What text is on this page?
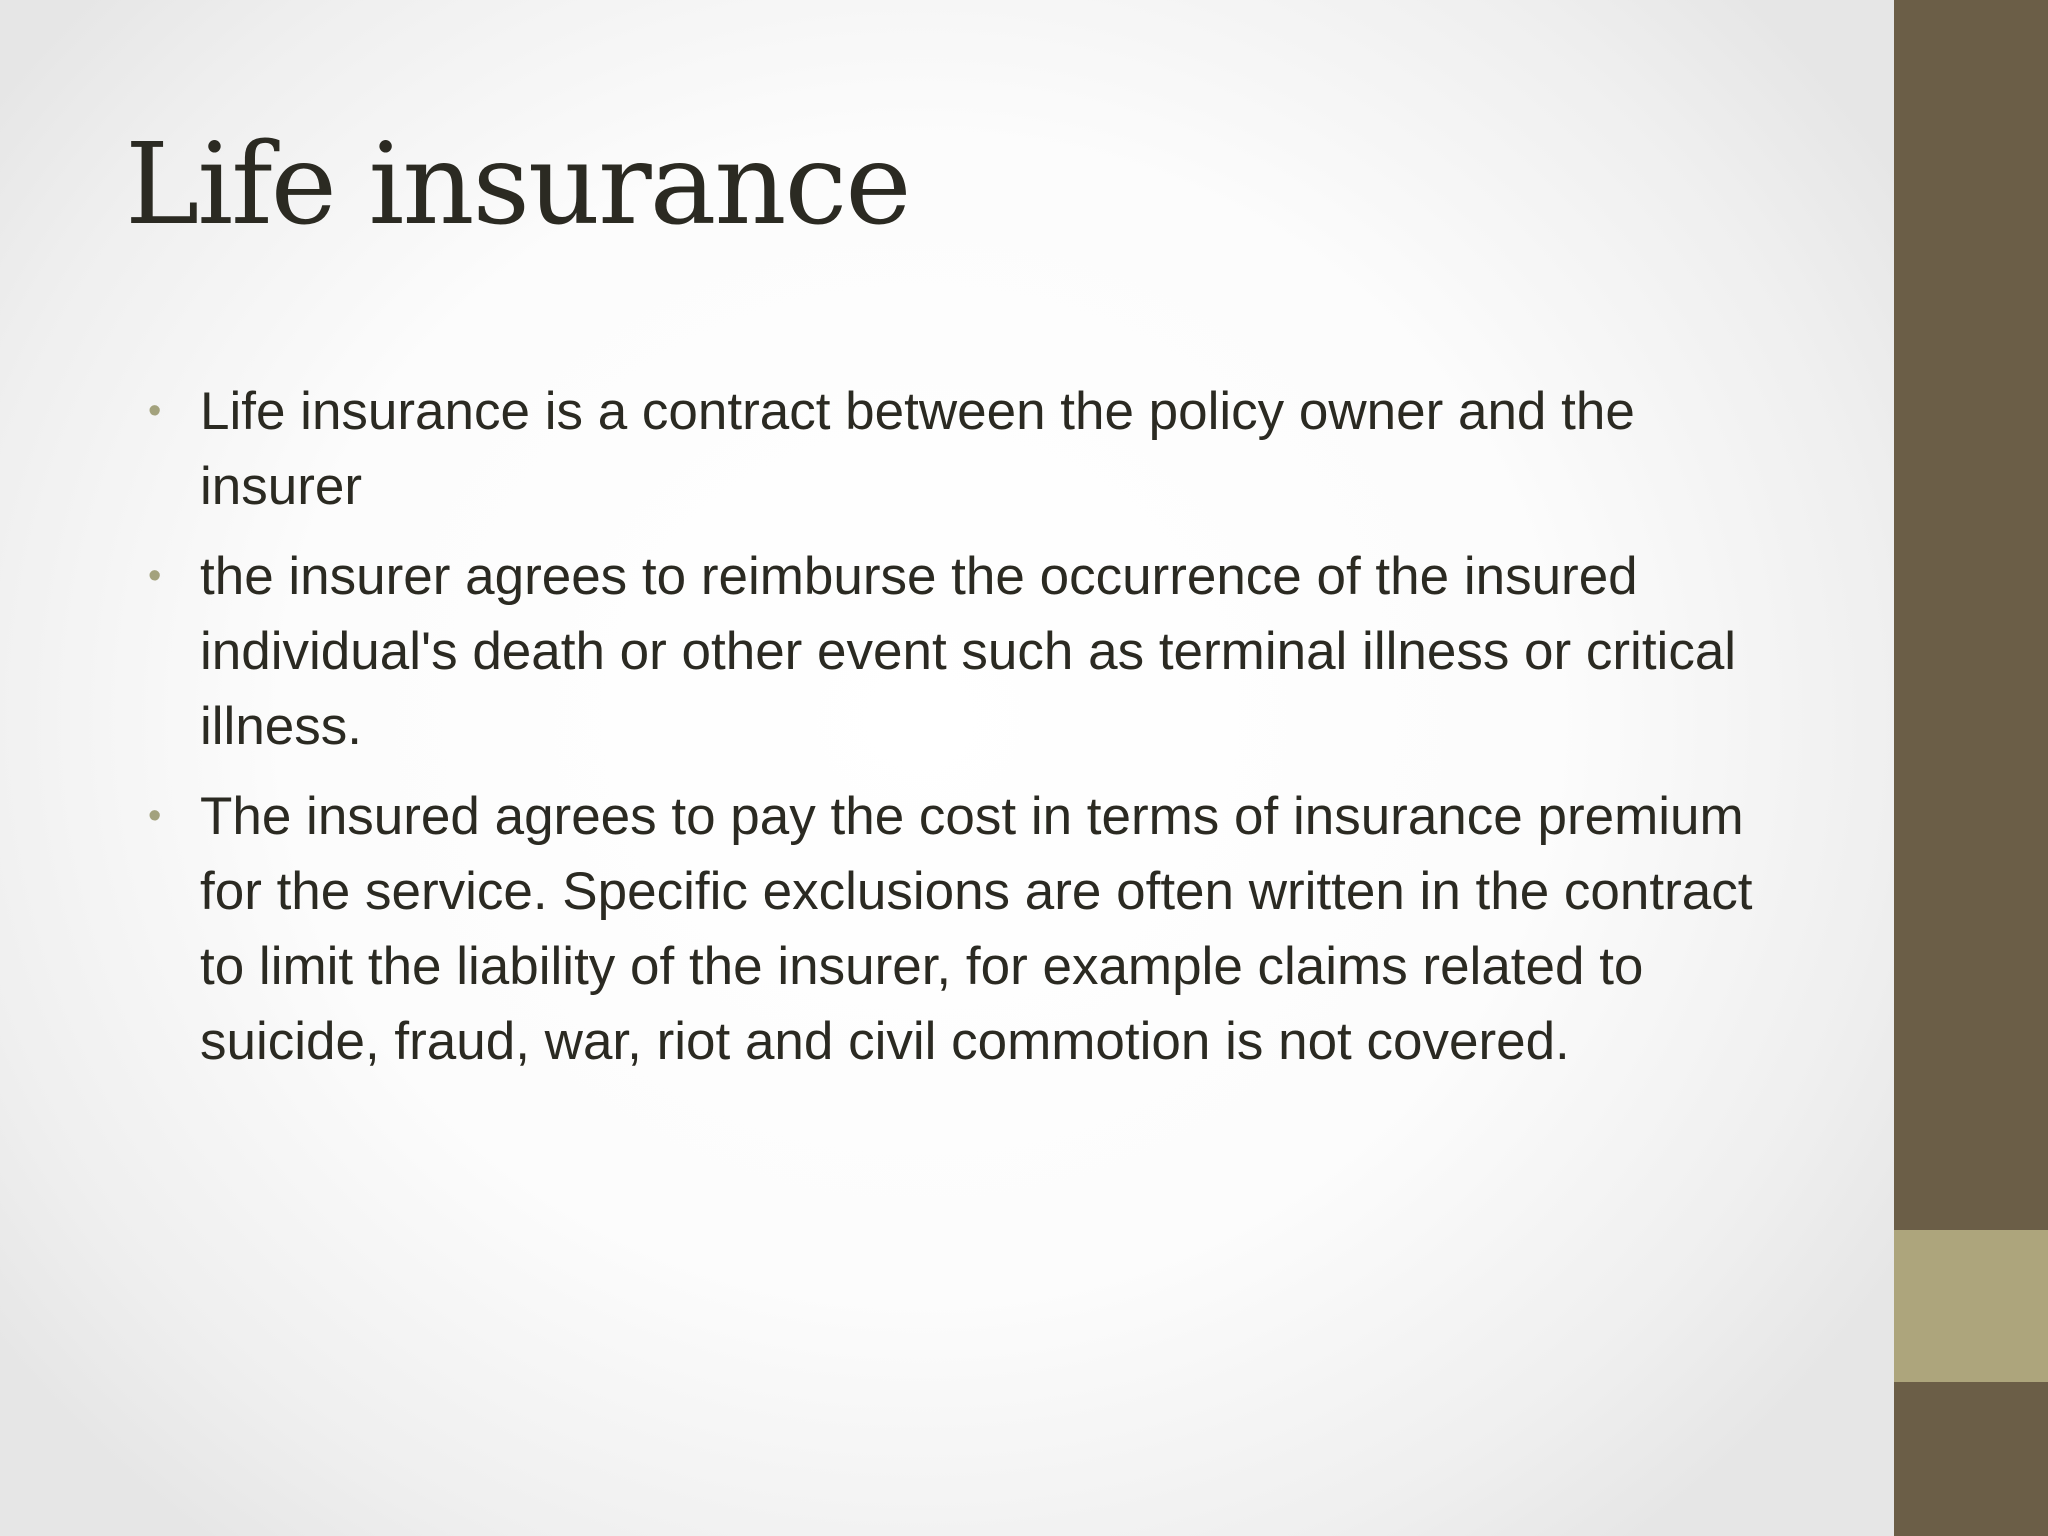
Life insurance
• Life insurance is a contract between the policy owner and the insurer
• the insurer agrees to reimburse the occurrence of the insured individual's death or other event such as terminal illness or critical illness.
• The insured agrees to pay the cost in terms of insurance premium for the service. Specific exclusions are often written in the contract to limit the liability of the insurer, for example claims related to suicide, fraud, war, riot and civil commotion is not covered.
